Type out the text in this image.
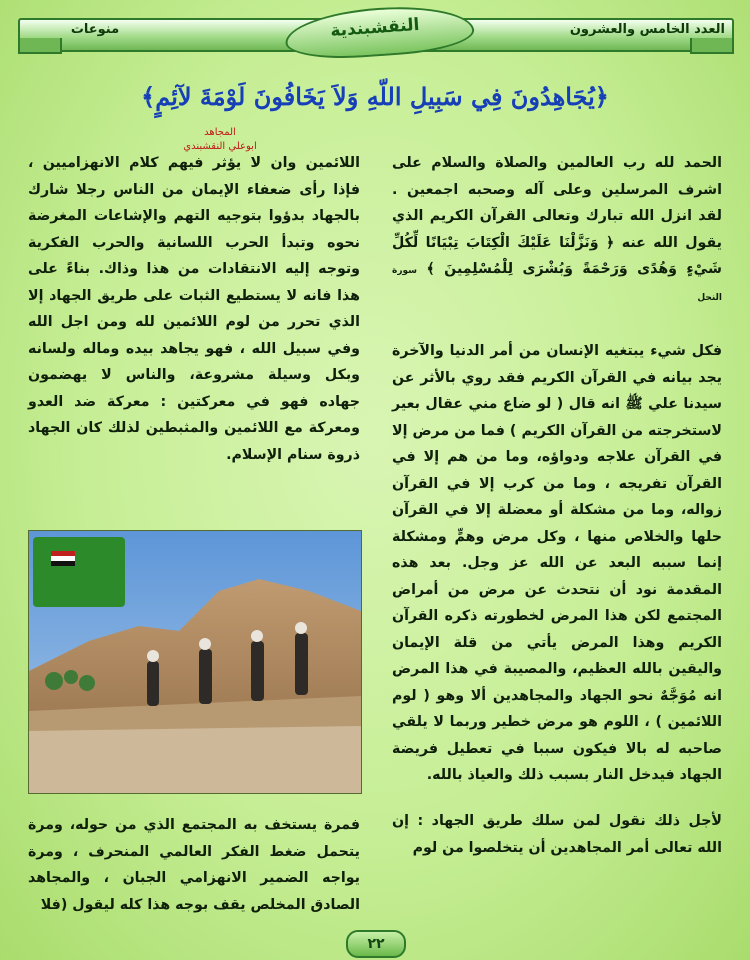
منوعات	العدد الخامس والعشرون
النقشبندية
﴿يُجَاهِدُونَ فِي سَبِيلِ اللّهِ وَلاَ يَخَافُونَ لَوْمَةَ لآئِمٍ﴾
المجاهد
ابوعلي النقشبندي

الحمد لله رب العالمين والصلاة والسلام على اشرف المرسلين وعلى آله وصحبه اجمعين . لقد انزل الله تبارك وتعالى القرآن الكريم الذي يقول الله عنه ﴿ وَنَزَّلْنَا عَلَيْكَ الْكِتَابَ تِبْيَانًا لِّكُلِّ شَيْءٍ وَهُدًى وَرَحْمَةً وَبُشْرَى لِلْمُسْلِمِينَ ﴾ سورة النحل

فكل شيء يبتغيه الإنسان من أمر الدنيا والآخرة يجد بيانه في القرآن الكريم فقد روي بالأثر عن سيدنا علي ﷺ انه قال ( لو ضاع مني عقال بعير لاستخرجته من القرآن الكريم ) فما من مرض إلا في القرآن علاجه ودواؤه، وما من هم إلا في القرآن تفريجه ، وما من كرب إلا في القرآن زواله، وما من مشكلة أو معضلة إلا في القرآن حلها والخلاص منها ، وكل مرض وهمٍّ ومشكلة إنما سببه البعد عن الله عز وجل. بعد هذه المقدمة نود أن نتحدث عن مرض من أمراض المجتمع لكن هذا المرض لخطورته ذكره القرآن الكريم وهذا المرض يأتي من قلة الإيمان واليقين بالله العظيم، والمصيبة في هذا المرض انه مُوَجَّهٌ نحو الجهاد والمجاهدين ألا وهو ( لوم اللائمين ) ، اللوم هو مرض خطير وربما لا يلقي صاحبه له بالا فيكون سببا في تعطيل فريضة الجهاد فيدخل النار بسبب ذلك والعياذ بالله.

لأجل ذلك نقول لمن سلك طريق الجهاد : إن الله تعالى أمر المجاهدين أن يتخلصوا من لوم

اللائمين وان لا يؤثر فيهم كلام الانهزاميين ، فإذا رأى ضعفاء الإيمان من الناس رجلا شارك بالجهاد بدؤوا بتوجيه التهم والإشاعات المغرضة نحوه وتبدأ الحرب اللسانية والحرب الفكرية وتوجه إليه الانتقادات من هذا وذاك. بناءً على هذا فانه لا يستطيع الثبات على طريق الجهاد إلا الذي تحرر من لوم اللائمين لله ومن اجل الله وفي سبيل الله ، فهو يجاهد بيده وماله ولسانه وبكل وسيلة مشروعة، والناس لا يهضمون جهاده فهو في معركتين : معركة ضد العدو ومعركة مع اللائمين والمثبطين لذلك كان الجهاد ذروة سنام الإسلام.

فمرة يستخف به المجتمع الذي من حوله، ومرة يتحمل ضغط الفكر العالمي المنحرف ، ومرة يواجه الضمير الانهزامي الجبان ، والمجاهد الصادق المخلص يقف بوجه هذا كله ليقول (فلا

٢٢
